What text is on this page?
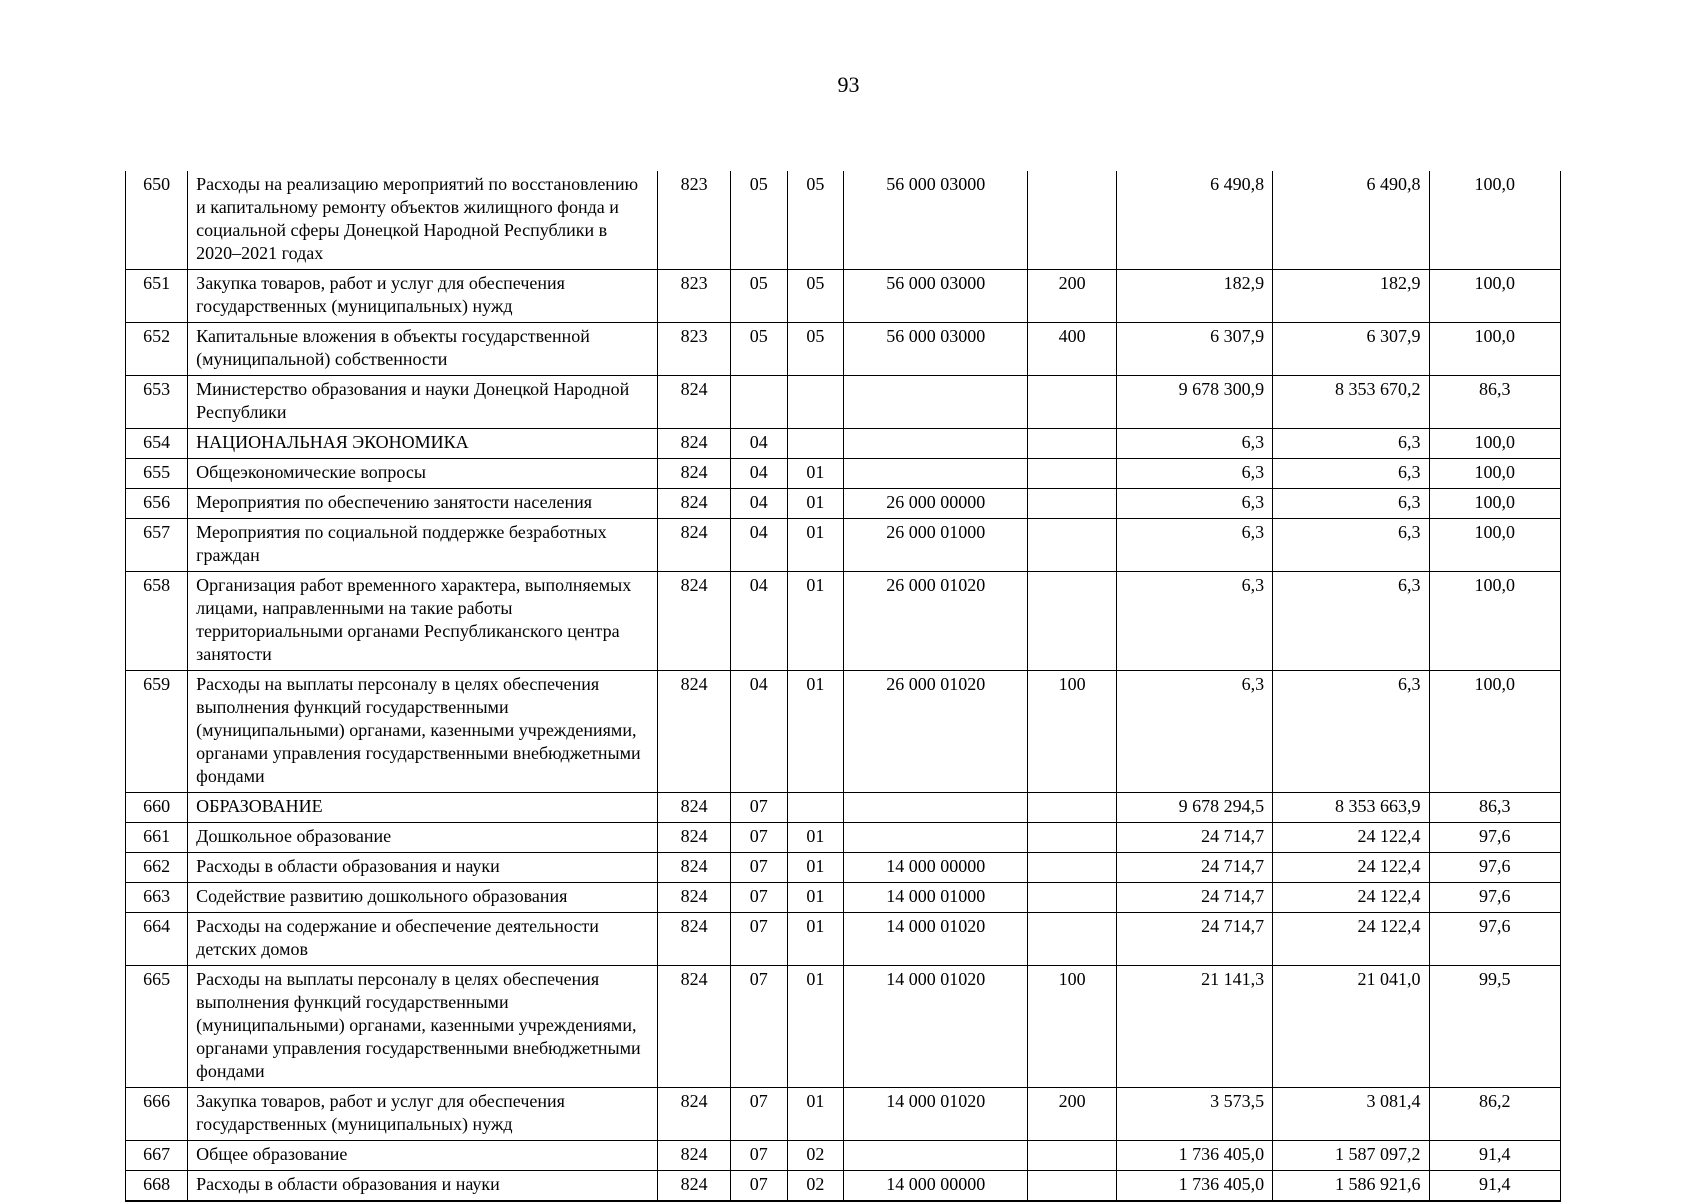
93
650	Расходы на реализацию мероприятий по восстановлению и капитальному ремонту объектов жилищного фонда и социальной сферы Донецкой Народной Республики в 2020–2021 годах	823	05	05	56 000 03000		6 490,8	6 490,8	100,0
651	Закупка товаров, работ и услуг для обеспечения государственных (муниципальных) нужд	823	05	05	56 000 03000	200	182,9	182,9	100,0
652	Капитальные вложения в объекты государственной (муниципальной) собственности	823	05	05	56 000 03000	400	6 307,9	6 307,9	100,0
653	Министерство образования и науки Донецкой Народной Республики	824					9 678 300,9	8 353 670,2	86,3
654	НАЦИОНАЛЬНАЯ ЭКОНОМИКА	824	04				6,3	6,3	100,0
655	Общеэкономические вопросы	824	04	01			6,3	6,3	100,0
656	Мероприятия по обеспечению занятости населения	824	04	01	26 000 00000		6,3	6,3	100,0
657	Мероприятия по социальной поддержке безработных граждан	824	04	01	26 000 01000		6,3	6,3	100,0
658	Организация работ временного характера, выполняемых лицами, направленными на такие работы территориальными органами Республиканского центра занятости	824	04	01	26 000 01020		6,3	6,3	100,0
659	Расходы на выплаты персоналу в целях обеспечения выполнения функций государственными (муниципальными) органами, казенными учреждениями, органами управления государственными внебюджетными фондами	824	04	01	26 000 01020	100	6,3	6,3	100,0
660	ОБРАЗОВАНИЕ	824	07				9 678 294,5	8 353 663,9	86,3
661	Дошкольное образование	824	07	01			24 714,7	24 122,4	97,6
662	Расходы в области образования и науки	824	07	01	14 000 00000		24 714,7	24 122,4	97,6
663	Содействие развитию дошкольного образования	824	07	01	14 000 01000		24 714,7	24 122,4	97,6
664	Расходы на содержание и обеспечение деятельности детских домов	824	07	01	14 000 01020		24 714,7	24 122,4	97,6
665	Расходы на выплаты персоналу в целях обеспечения выполнения функций государственными (муниципальными) органами, казенными учреждениями, органами управления государственными внебюджетными фондами	824	07	01	14 000 01020	100	21 141,3	21 041,0	99,5
666	Закупка товаров, работ и услуг для обеспечения государственных (муниципальных) нужд	824	07	01	14 000 01020	200	3 573,5	3 081,4	86,2
667	Общее образование	824	07	02			1 736 405,0	1 587 097,2	91,4
668	Расходы в области образования и науки	824	07	02	14 000 00000		1 736 405,0	1 586 921,6	91,4
